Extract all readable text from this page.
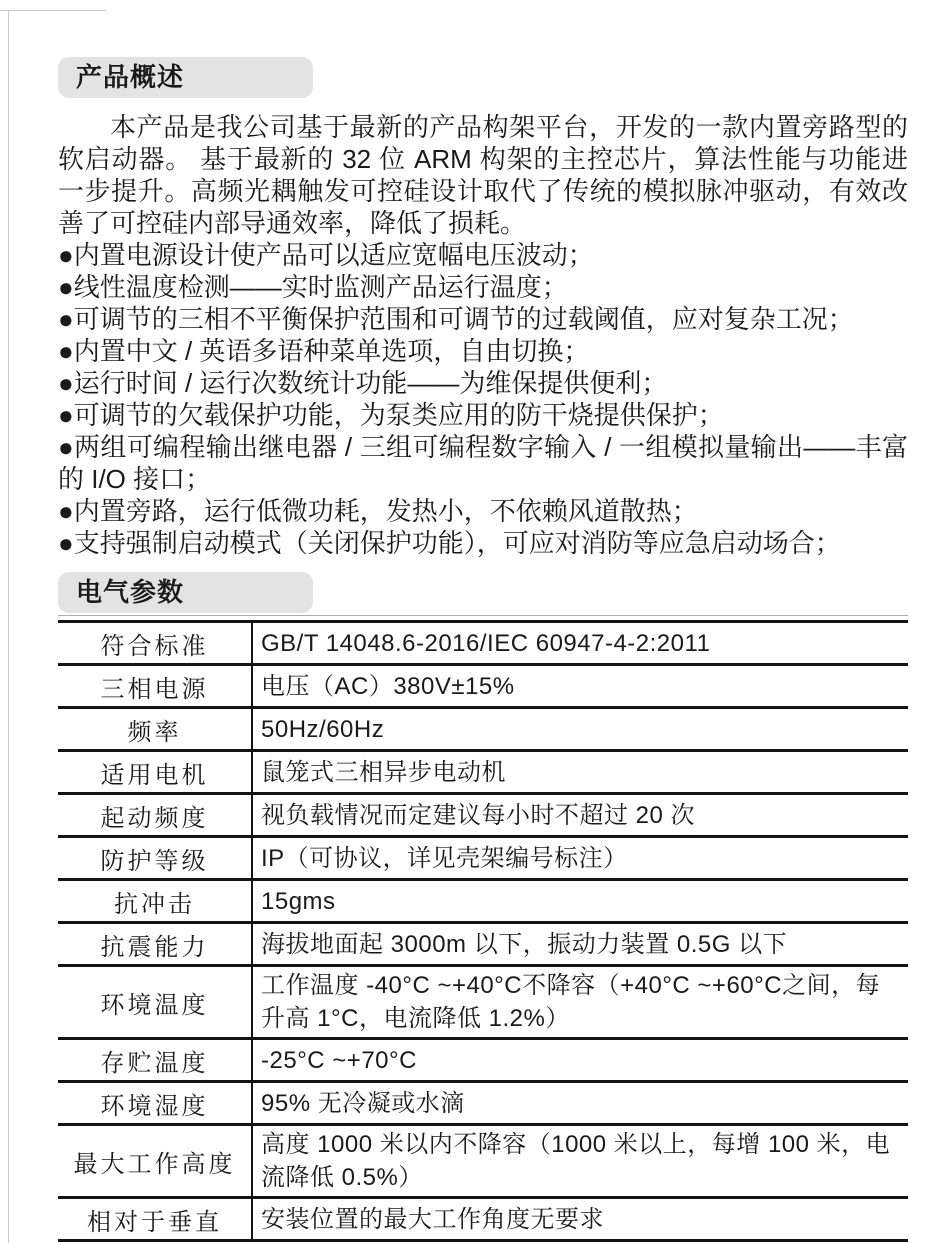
产品概述

本产品是我公司基于最新的产品构架平台，开发的一款内置旁路型的软启动器。 基于最新的 32 位 ARM 构架的主控芯片，算法性能与功能进一步提升。高频光耦触发可控硅设计取代了传统的模拟脉冲驱动，有效改善了可控硅内部导通效率，降低了损耗。

●内置电源设计使产品可以适应宽幅电压波动；
●线性温度检测——实时监测产品运行温度；
●可调节的三相不平衡保护范围和可调节的过载阈值，应对复杂工况；
●内置中文 / 英语多语种菜单选项，自由切换；
●运行时间 / 运行次数统计功能——为维保提供便利；
●可调节的欠载保护功能，为泵类应用的防干烧提供保护；
●两组可编程输出继电器 / 三组可编程数字输入 / 一组模拟量输出——丰富的 I/O 接口；
●内置旁路，运行低微功耗，发热小，不依赖风道散热；
●支持强制启动模式（关闭保护功能），可应对消防等应急启动场合；
电气参数
符合标准	GB/T 14048.6-2016/IEC 60947-4-2:2011
三相电源	电压（AC）380V±15%
频率	50Hz/60Hz
适用电机	鼠笼式三相异步电动机
起动频度	视负载情况而定建议每小时不超过 20 次
防护等级	IP（可协议，详见壳架编号标注）
抗冲击	15gms
抗震能力	海拔地面起 3000m 以下，振动力装置 0.5G 以下
环境温度	工作温度 -40°C ~+40°C不降容（+40°C ~+60°C之间，每升高 1°C，电流降低 1.2%）
存贮温度	-25°C ~+70°C
环境湿度	95% 无冷凝或水滴
最大工作高度	高度 1000 米以内不降容（1000 米以上，每增 100 米，电流降低 0.5%）
相对于垂直	安装位置的最大工作角度无要求
